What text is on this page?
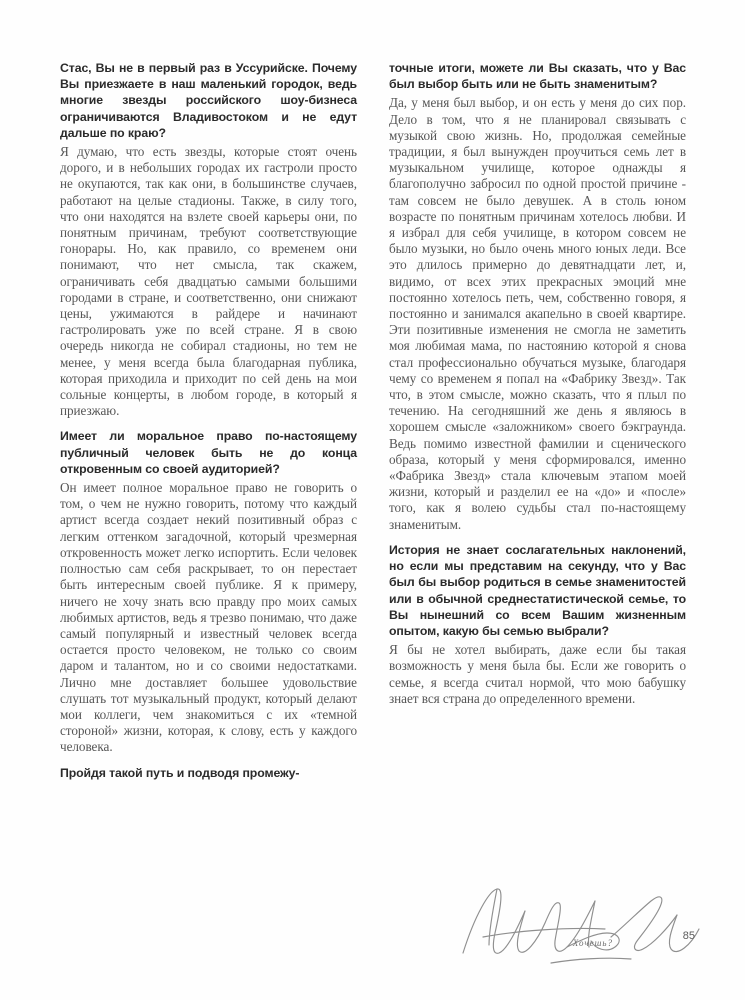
Стас, Вы не в первый раз в Уссурийске. Почему Вы приезжаете в наш маленький городок, ведь многие звезды российского шоу-бизнеса ограничиваются Владивостоком и не едут дальше по краю?

Я думаю, что есть звезды, которые стоят очень дорого, и в небольших городах их гастроли просто не окупаются, так как они, в большинстве случаев, работают на целые стадионы. Также, в силу того, что они находятся на взлете своей карьеры они, по понятным причинам, требуют соответствующие гонорары. Но, как правило, со временем они понимают, что нет смысла, так скажем, ограничивать себя двадцатью самыми большими городами в стране, и соответственно, они снижают цены, ужимаются в райдере и начинают гастролировать уже по всей стране. Я в свою очередь никогда не собирал стадионы, но тем не менее, у меня всегда была благодарная публика, которая приходила и приходит по сей день на мои сольные концерты, в любом городе, в который я приезжаю.

Имеет ли моральное право по-настоящему публичный человек быть не до конца откровенным со своей аудиторией?

Он имеет полное моральное право не говорить о том, о чем не нужно говорить, потому что каждый артист всегда создает некий позитивный образ с легким оттенком загадочной, который чрезмерная откровенность может легко испортить. Если человек полностью сам себя раскрывает, то он перестает быть интересным своей публике. Я к примеру, ничего не хочу знать всю правду про моих самых любимых артистов, ведь я трезво понимаю, что даже самый популярный и известный человек всегда остается просто человеком, не только со своим даром и талантом, но и со своими недостатками. Лично мне доставляет большее удовольствие слушать тот музыкальный продукт, который делают мои коллеги, чем знакомиться с их «темной стороной» жизни, которая, к слову, есть у каждого человека.

Пройдя такой путь и подводя промежу-

точные итоги, можете ли Вы сказать, что у Вас был выбор быть или не быть знаменитым?

Да, у меня был выбор, и он есть у меня до сих пор. Дело в том, что я не планировал связывать с музыкой свою жизнь. Но, продолжая семейные традиции, я был вынужден проучиться семь лет в музыкальном училище, которое однажды я благополучно забросил по одной простой причине - там совсем не было девушек. А в столь юном возрасте по понятным причинам хотелось любви. И я избрал для себя училище, в котором совсем не было музыки, но было очень много юных леди. Все это длилось примерно до девятнадцати лет, и, видимо, от всех этих прекрасных эмоций мне постоянно хотелось петь, чем, собственно говоря, я постоянно и занимался акапельно в своей квартире. Эти позитивные изменения не смогла не заметить моя любимая мама, по настоянию которой я снова стал профессионально обучаться музыке, благодаря чему со временем я попал на «Фабрику Звезд». Так что, в этом смысле, можно сказать, что я плыл по течению. На сегодняшний же день я являюсь в хорошем смысле «заложником» своего бэкграунда. Ведь помимо известной фамилии и сценического образа, который у меня сформировался, именно «Фабрика Звезд» стала ключевым этапом моей жизни, который и разделил ее на «до» и «после» того, как я волею судьбы стал по-настоящему знаменитым.

История не знает сослагательных наклонений, но если мы представим на секунду, что у Вас был бы выбор родиться в семье знаменитостей или в обычной среднестатистической семье, то Вы нынешний со всем Вашим жизненным опытом, какую бы семью выбрали?

Я бы не хотел выбирать, даже если бы такая возможность у меня была бы. Если же говорить о семье, я всегда считал нормой, что мою бабушку знает вся страна до определенного времени.

Хочешь?
85
